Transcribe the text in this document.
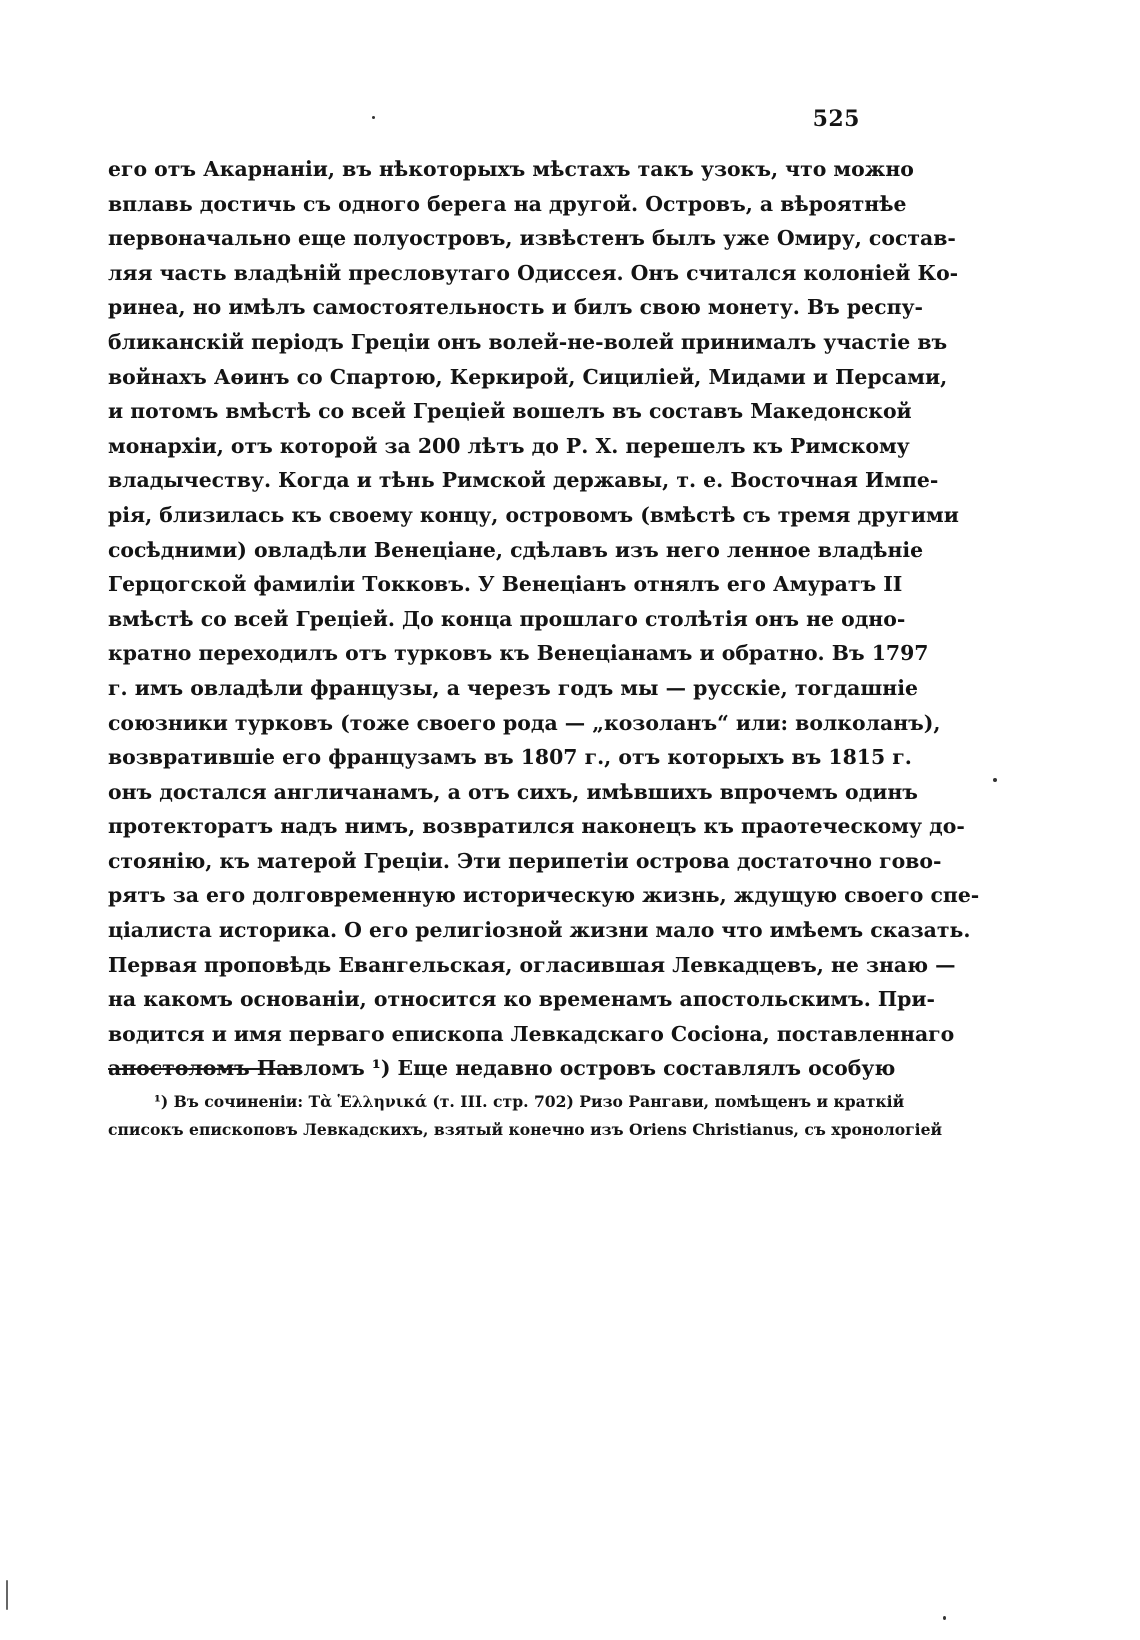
525
его отъ Акарнаніи, въ нѣкоторыхъ мѣстахъ такъ узокъ, что можно
вплавь достичь съ одного берега на другой. Островъ, а вѣроятнѣе
первоначально еще полуостровъ, извѣстенъ былъ уже Омиру, состав-
ляя часть владѣній пресловутаго Одиссея. Онъ считался колоніей Ко-
ринеа, но имѣлъ самостоятельность и билъ свою монету. Въ респу-
бликанскій періодъ Греціи онъ волей-не-волей принималъ участіе въ
войнахъ Аѳинъ со Спартою, Керкирой, Сициліей, Мидами и Персами,
и потомъ вмѣстѣ со всей Греціей вошелъ въ составъ Македонской
монархіи, отъ которой за 200 лѣтъ до Р. Х. перешелъ къ Римскому
владычеству. Когда и тѣнь Римской державы, т. е. Восточная Импе-
рія, близилась къ своему концу, островомъ (вмѣстѣ съ тремя другими
сосѣдними) овладѣли Венеціане, сдѣлавъ изъ него ленное владѣніе
Герцогской фамиліи Токковъ. У Венеціанъ отнялъ его Амуратъ II
вмѣстѣ со всей Греціей. До конца прошлаго столѣтія онъ не одно-
кратно переходилъ отъ турковъ къ Венеціанамъ и обратно. Въ 1797
г. имъ овладѣли французы, а черезъ годъ мы — русскіе, тогдашніе
союзники турковъ (тоже своего рода — „козоланъ“ или: волколанъ),
возвратившіе его французамъ въ 1807 г., отъ которыхъ въ 1815 г.
онъ достался англичанамъ, а отъ сихъ, имѣвшихъ впрочемъ одинъ
протекторатъ надъ нимъ, возвратился наконецъ къ праотеческому до-
стоянію, къ матерой Греціи. Эти перипетіи острова достаточно гово-
рятъ за его долговременную историческую жизнь, ждущую своего спе-
ціалиста историка. О его религіозной жизни мало что имѣемъ сказать.
Первая проповѣдь Евангельская, огласившая Левкадцевъ, не знаю —
на какомъ основаніи, относится ко временамъ апостольскимъ. При-
водится и имя перваго епископа Левкадскаго Сосіона, поставленнаго
апостоломъ Павломъ ¹) Еще недавно островъ составлялъ особую
¹) Въ сочиненіи: Τὰ Ἑλληνικά (т. III. стр. 702) Ризо Рангави, помѣщенъ и краткій
списокъ епископовъ Левкадскихъ, взятый конечно изъ Oriens Christianus, съ хронологіей
